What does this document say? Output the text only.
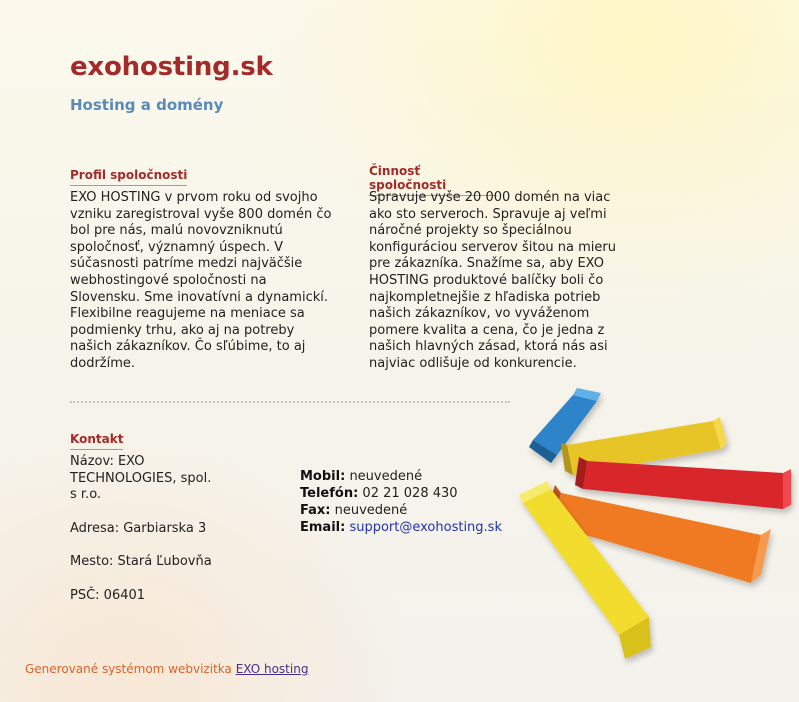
exohosting.sk
Hosting a domény
Profil spoločnosti
EXO HOSTING v prvom roku od svojho vzniku zaregistroval vyše 800 domén čo bol pre nás, malú novovzniknutú spoločnosť, významný úspech. V súčasnosti patríme medzi najväčšie webhostingové spoločnosti na Slovensku. Sme inovatívni a dynamickí. Flexibilne reagujeme na meniace sa podmienky trhu, ako aj na potreby našich zákazníkov. Čo sľúbime, to aj dodržíme.
Činnosť spoločnosti
Spravuje vyše 20 000 domén na viac ako sto serveroch. Spravuje aj veľmi náročné projekty so špeciálnou konfiguráciou serverov šitou na mieru pre zákazníka. Snažíme sa, aby EXO HOSTING produktové balíčky boli čo najkompletnejšie z hľadiska potrieb našich zákazníkov, vo vyváženom pomere kvalita a cena, čo je jedna z našich hlavných zásad, ktorá nás asi najviac odlišuje od konkurencie.
Kontakt
Názov: EXO TECHNOLOGIES, spol. s r.o.
Adresa: Garbiarska 3
Mesto: Stará Ľubovňa
PSČ: 06401
Mobil: neuvedené
Telefón: 02 21 028 430
Fax: neuvedené
Email: support@exohosting.sk
Generované systémom webvizitka EXO hosting
